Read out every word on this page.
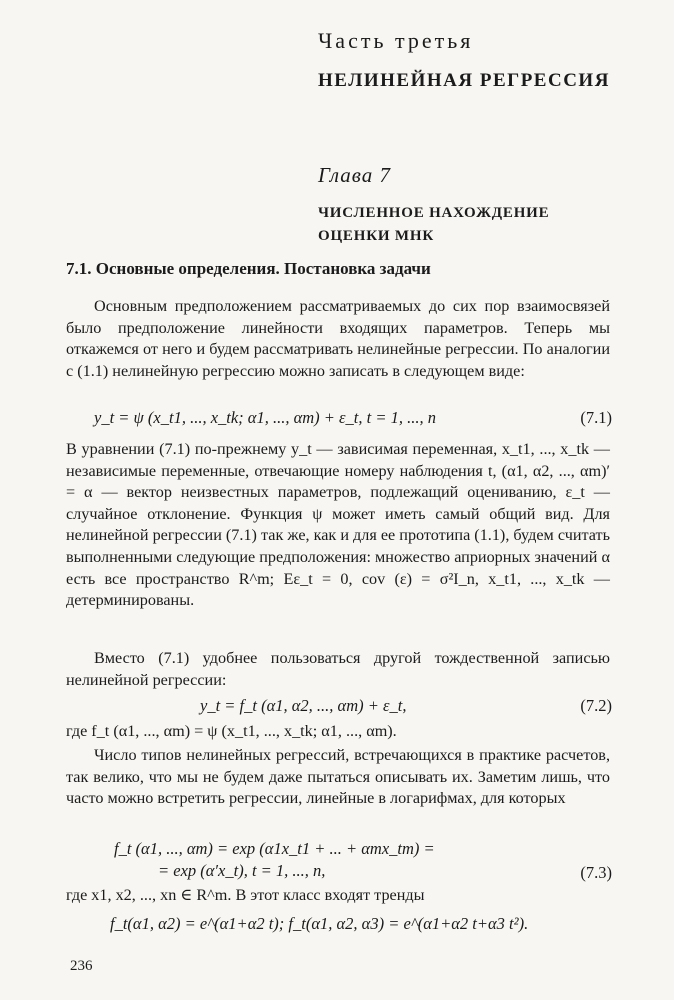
Часть третья
НЕЛИНЕЙНАЯ РЕГРЕССИЯ
Глава 7
ЧИСЛЕННОЕ НАХОЖДЕНИЕ ОЦЕНКИ МНК
7.1. Основные определения. Постановка задачи
Основным предположением рассматриваемых до сих пор взаимосвязей было предположение линейности входящих параметров. Теперь мы откажемся от него и будем рассматривать нелинейные регрессии. По аналогии с (1.1) нелинейную регрессию можно записать в следующем виде:
y_t = ψ (x_t1, ..., x_tk; α1, ..., αm) + ε_t, t = 1, ..., n	(7.1)
В уравнении (7.1) по-прежнему y_t — зависимая переменная, x_t1, ..., x_tk — независимые переменные, отвечающие номеру наблюдения t, (α1, α2, ..., αm)′ = α — вектор неизвестных параметров, подлежащий оцениванию, ε_t — случайное отклонение. Функция ψ может иметь самый общий вид. Для нелинейной регрессии (7.1) так же, как и для ее прототипа (1.1), будем считать выполненными следующие предположения: множество априорных значений α есть все пространство R^m; Eε_t = 0, cov (ε) = σ²I_n, x_t1, ..., x_tk — детерминированы.
Вместо (7.1) удобнее пользоваться другой тождественной записью нелинейной регрессии:
y_t = f_t (α1, α2, ..., αm) + ε_t,	(7.2)
где f_t (α1, ..., αm) = ψ (x_t1, ..., x_tk; α1, ..., αm).
Число типов нелинейных регрессий, встречающихся в практике расчетов, так велико, что мы не будем даже пытаться описывать их. Заметим лишь, что часто можно встретить регрессии, линейные в логарифмах, для которых
f_t (α1, ..., αm) = exp (α1x_t1 + ... + αmx_tm) =
= exp (α′x_t), t = 1, ..., n,	(7.3)
где x1, x2, ..., xn ∈ R^m. В этот класс входят тренды
f_t(α1, α2) = e^(α1+α2 t); f_t(α1, α2, α3) = e^(α1+α2 t+α3 t²).
236
